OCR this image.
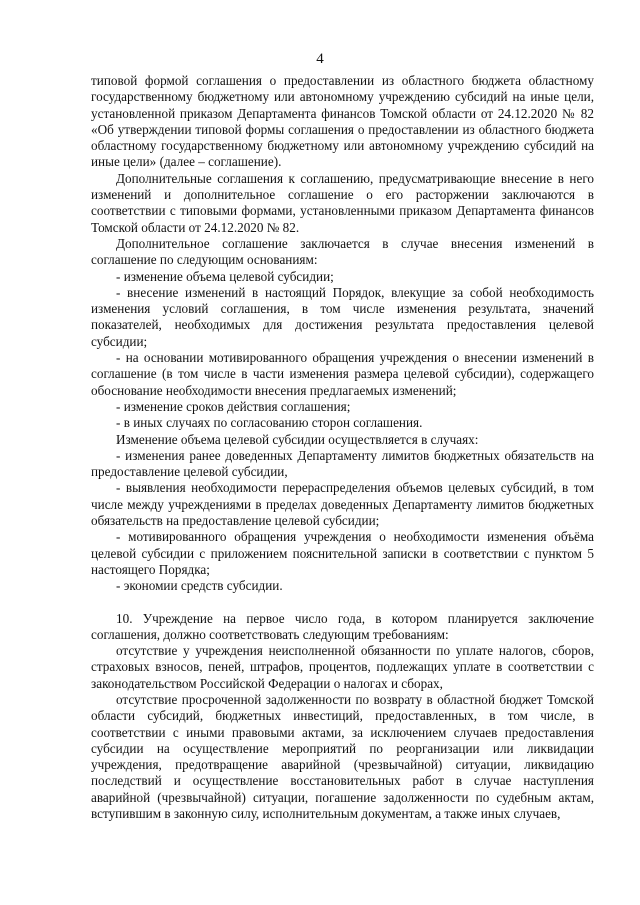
4

типовой формой соглашения о предоставлении из областного бюджета областному государственному бюджетному или автономному учреждению субсидий на иные цели, установленной приказом Департамента финансов Томской области от 24.12.2020 № 82 «Об утверждении типовой формы соглашения о предоставлении из областного бюджета областному государственному бюджетному или автономному учреждению субсидий на иные цели» (далее – соглашение).

Дополнительные соглашения к соглашению, предусматривающие внесение в него изменений и дополнительное соглашение о его расторжении заключаются в соответствии с типовыми формами, установленными приказом Департамента финансов Томской области от 24.12.2020 № 82.

Дополнительное соглашение заключается в случае внесения изменений в соглашение по следующим основаниям:

- изменение объема целевой субсидии;

- внесение изменений в настоящий Порядок, влекущие за собой необходимость изменения условий соглашения, в том числе изменения результата, значений показателей, необходимых для достижения результата предоставления целевой субсидии;

- на основании мотивированного обращения учреждения о внесении изменений в соглашение (в том числе в части изменения размера целевой субсидии), содержащего обоснование необходимости внесения предлагаемых изменений;

- изменение сроков действия соглашения;

- в иных случаях по согласованию сторон соглашения.

Изменение объема целевой субсидии осуществляется в случаях:

- изменения ранее доведенных Департаменту лимитов бюджетных обязательств на предоставление целевой субсидии,

- выявления необходимости перераспределения объемов целевых субсидий, в том числе между учреждениями в пределах доведенных Департаменту лимитов бюджетных обязательств на предоставление целевой субсидии;

- мотивированного обращения учреждения о необходимости изменения объёма целевой субсидии с приложением пояснительной записки в соответствии с пунктом 5 настоящего Порядка;

- экономии средств субсидии.

10. Учреждение на первое число года, в котором планируется заключение соглашения, должно соответствовать следующим требованиям:

отсутствие у учреждения неисполненной обязанности по уплате налогов, сборов, страховых взносов, пеней, штрафов, процентов, подлежащих уплате в соответствии с законодательством Российской Федерации о налогах и сборах,

отсутствие просроченной задолженности по возврату в областной бюджет Томской области субсидий, бюджетных инвестиций, предоставленных, в том числе, в соответствии с иными правовыми актами, за исключением случаев предоставления субсидии на осуществление мероприятий по реорганизации или ликвидации учреждения, предотвращение аварийной (чрезвычайной) ситуации, ликвидацию последствий и осуществление восстановительных работ в случае наступления аварийной (чрезвычайной) ситуации, погашение задолженности по судебным актам, вступившим в законную силу, исполнительным документам, а также иных случаев,
